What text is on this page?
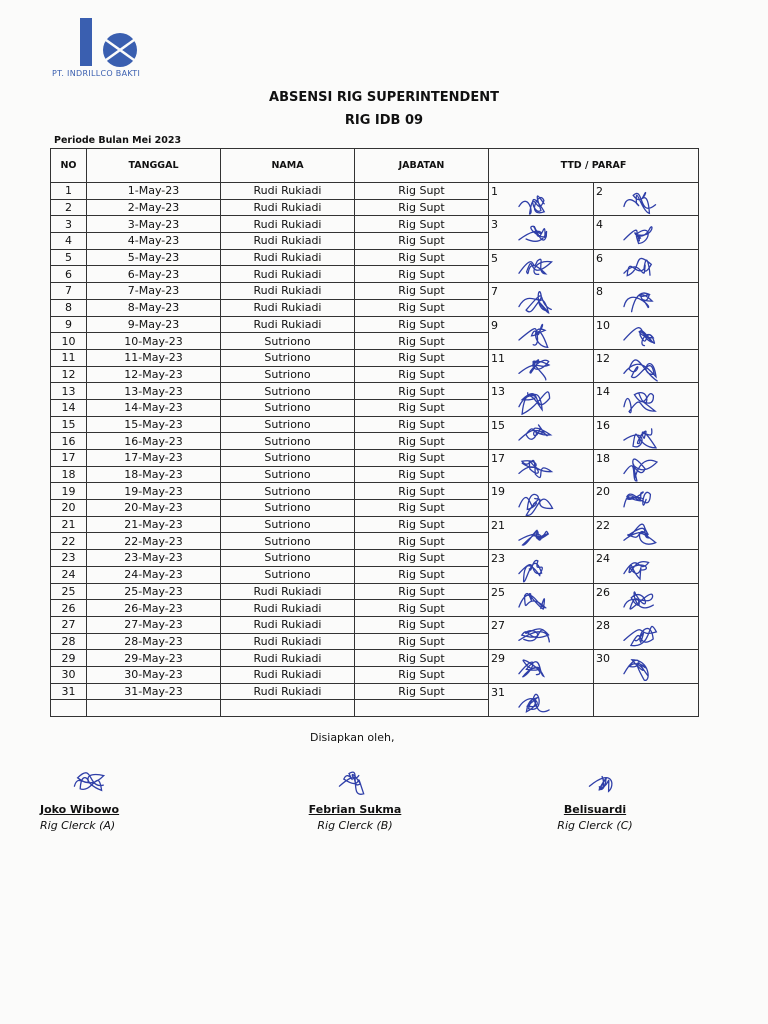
PT. INDRILLCO BAKTI
ABSENSI RIG SUPERINTENDENT
RIG IDB 09
Periode Bulan Mei 2023
NO	TANGGAL	NAMA	JABATAN	TTD / PARAF	
1	1-May-23	Rudi Rukiadi	Rig Supt	1	2

2	2-May-23	Rudi Rukiadi	Rig Supt		
3	3-May-23	Rudi Rukiadi	Rig Supt	3	4

4	4-May-23	Rudi Rukiadi	Rig Supt		
5	5-May-23	Rudi Rukiadi	Rig Supt	5	6

6	6-May-23	Rudi Rukiadi	Rig Supt		
7	7-May-23	Rudi Rukiadi	Rig Supt	7	8

8	8-May-23	Rudi Rukiadi	Rig Supt		
9	9-May-23	Rudi Rukiadi	Rig Supt	9	10

10	10-May-23	Sutriono	Rig Supt		
11	11-May-23	Sutriono	Rig Supt	11	12

12	12-May-23	Sutriono	Rig Supt		
13	13-May-23	Sutriono	Rig Supt	13	14

14	14-May-23	Sutriono	Rig Supt		
15	15-May-23	Sutriono	Rig Supt	15	16

16	16-May-23	Sutriono	Rig Supt		
17	17-May-23	Sutriono	Rig Supt	17	18

18	18-May-23	Sutriono	Rig Supt		
19	19-May-23	Sutriono	Rig Supt	19	20

20	20-May-23	Sutriono	Rig Supt		
21	21-May-23	Sutriono	Rig Supt	21	22

22	22-May-23	Sutriono	Rig Supt		
23	23-May-23	Sutriono	Rig Supt	23	24

24	24-May-23	Sutriono	Rig Supt		
25	25-May-23	Rudi Rukiadi	Rig Supt	25	26

26	26-May-23	Rudi Rukiadi	Rig Supt		
27	27-May-23	Rudi Rukiadi	Rig Supt	27	28

28	28-May-23	Rudi Rukiadi	Rig Supt		
29	29-May-23	Rudi Rukiadi	Rig Supt	29	30

30	30-May-23	Rudi Rukiadi	Rig Supt		
31	31-May-23	Rudi Rukiadi	Rig Supt	31	

Disiapkan oleh,
Joko Wibowo
Rig Clerck (A)
Febrian Sukma
Rig Clerck (B)
Belisuardi
Rig Clerck (C)
